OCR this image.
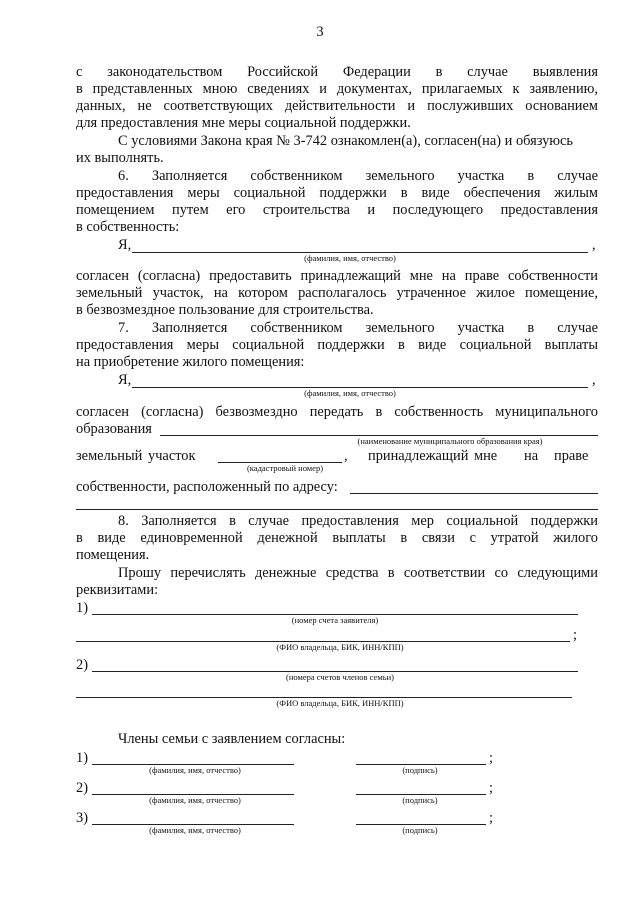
3
с законодательством Российской Федерации в случае выявления
в представленных мною сведениях и документах, прилагаемых к заявлению,
данных, не соответствующих действительности и послуживших основанием
для предоставления мне меры социальной поддержки.
С условиями Закона края № 3-742 ознакомлен(а), согласен(на) и обязуюсь
их выполнять.
6. Заполняется собственником земельного участка в случае
предоставления меры социальной поддержки в виде обеспечения жилым
помещением путем его строительства и последующего предоставления
в собственность:
Я,	,
(фамилия, имя, отчество)
согласен (согласна) предоставить принадлежащий мне на праве собственности
земельный участок, на котором располагалось утраченное жилое помещение,
в безвозмездное пользование для строительства.
7. Заполняется собственником земельного участка в случае
предоставления меры социальной поддержки в виде социальной выплаты
на приобретение жилого помещения:
Я,	,
(фамилия, имя, отчество)
согласен (согласна) безвозмездно передать в собственность муниципального
образования
(наименование муниципального образования края)
земельный участок	, принадлежащий мне на праве
(кадастровый номер)
собственности, расположенный по адресу:
8. Заполняется в случае предоставления мер социальной поддержки
в виде единовременной денежной выплаты в связи с утратой жилого
помещения.
Прошу перечислять денежные средства в соответствии со следующими
реквизитами:
1)
(номер счета заявителя)
;
(ФИО владельца, БИК, ИНН/КПП)
2)
(номера счетов членов семьи)
(ФИО владельца, БИК, ИНН/КПП)
Члены семьи с заявлением согласны:
1)
(фамилия, имя, отчество)
;
(подпись)
2)
(фамилия, имя, отчество)
;
(подпись)
3)
(фамилия, имя, отчество)
;
(подпись)
